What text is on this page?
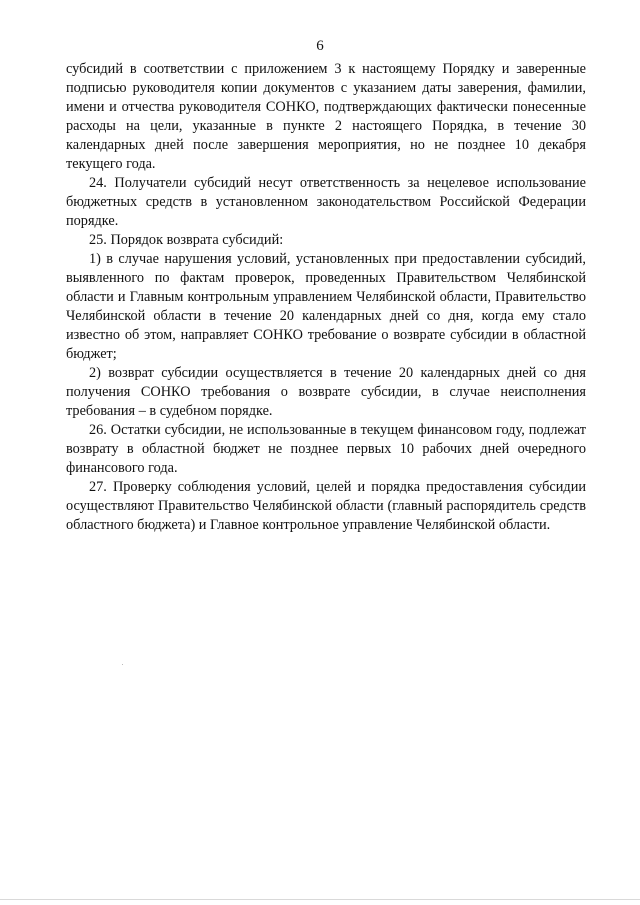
6

субсидий в соответствии с приложением 3 к настоящему Порядку и заверенные подписью руководителя копии документов с указанием даты заверения, фамилии, имени и отчества руководителя СОНКО, подтверждающих фактически понесенные расходы на цели, указанные в пункте 2 настоящего Порядка, в течение 30 календарных дней после завершения мероприятия, но не позднее 10 декабря текущего года.

24. Получатели субсидий несут ответственность за нецелевое использование бюджетных средств в установленном законодательством Российской Федерации порядке.

25. Порядок возврата субсидий:

1) в случае нарушения условий, установленных при предоставлении субсидий, выявленного по фактам проверок, проведенных Правительством Челябинской области и Главным контрольным управлением Челябинской области, Правительство Челябинской области в течение 20 календарных дней со дня, когда ему стало известно об этом, направляет СОНКО требование о возврате субсидии в областной бюджет;

2) возврат субсидии осуществляется в течение 20 календарных дней со дня получения СОНКО требования о возврате субсидии, в случае неисполнения требования – в судебном порядке.

26. Остатки субсидии, не использованные в текущем финансовом году, подлежат возврату в областной бюджет не позднее первых 10 рабочих дней очередного финансового года.

27. Проверку соблюдения условий, целей и порядка предоставления субсидии осуществляют Правительство Челябинской области (главный распорядитель средств областного бюджета) и Главное контрольное управление Челябинской области.
